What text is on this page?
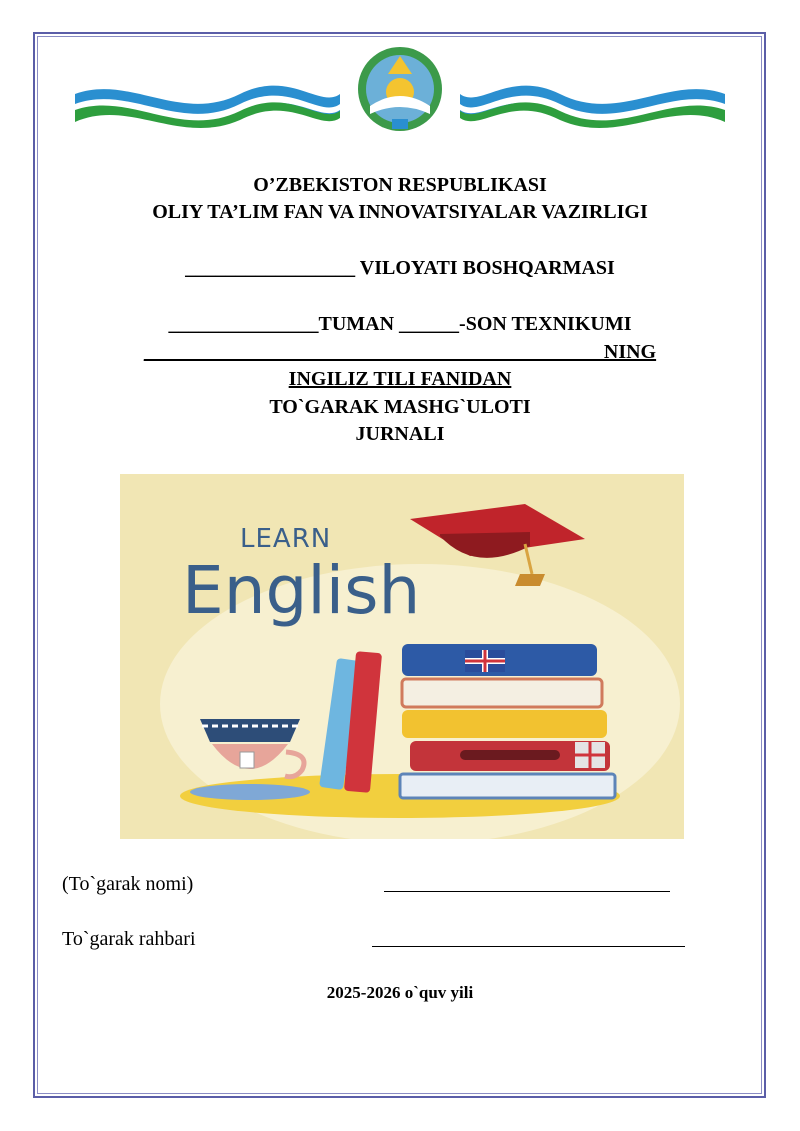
O’ZBEKISTON RESPUBLIKASI
OLIY TA’LIM FAN VA INNOVATSIYALAR VAZIRLIGI
_________________ VILOYATI BOSHQARMASI
_______________TUMAN ______-SON TEXNIKUMI
______________________________________________NING
INGILIZ TILI FANIDAN
TO`GARAK MASHG`ULOTI
JURNALI
LEARN
English
(To`garak nomi)
To`garak rahbari
2025-2026 o`quv yili
